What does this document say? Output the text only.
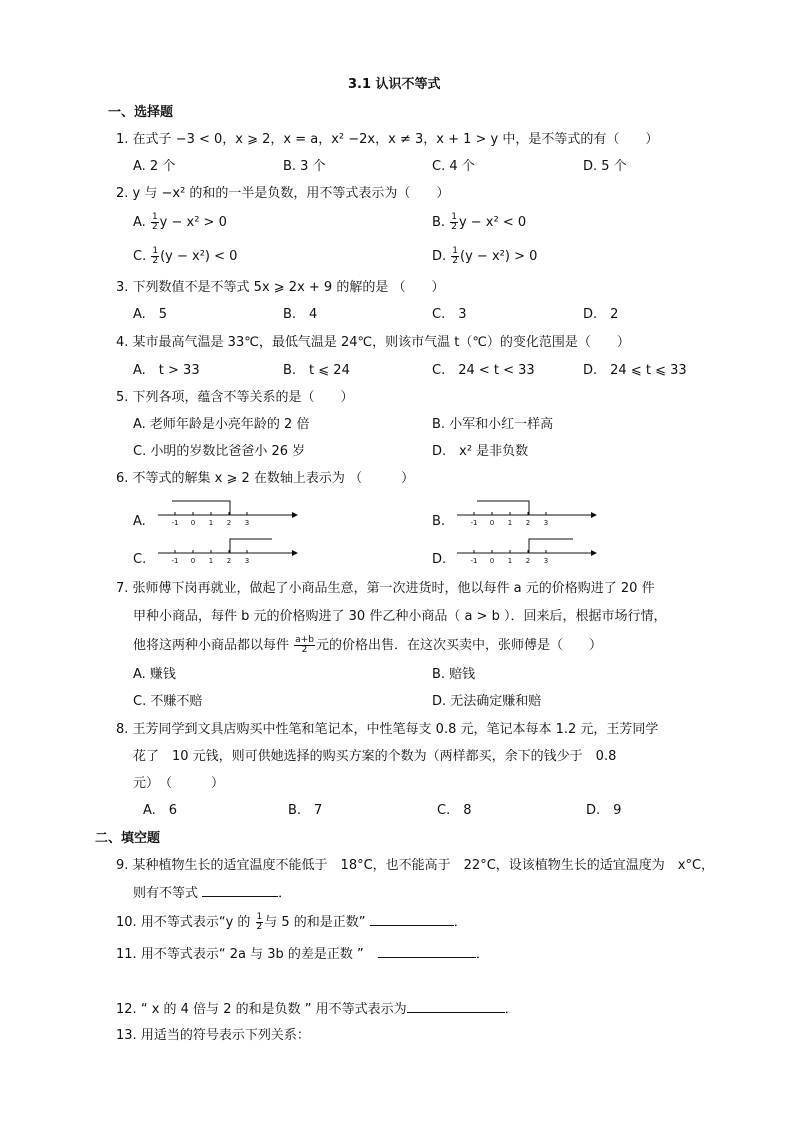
3.1 认识不等式
一、选择题
1. 在式子 −3 < 0，x ⩾ 2，x = a，x² −2x，x ≠ 3，x + 1 > y 中，是不等式的有（　　）
A. 2 个	B. 3 个	C. 4 个	D. 5 个
2. y 与 −x² 的和的一半是负数，用不等式表示为（　　）
A. $\frac{1}{2}$ y − x² > 0	B. $\frac{1}{2}$ y − x² < 0
C. $\frac{1}{2} (y - x^2) < 0$	D. $\frac{1}{2} (y - x^2) > 0$
3. 下列数值不是不等式 5x ⩾ 2x + 9 的解的是 （　　）
A.　5	B.　4	C.　3	D.　2
4. 某市最高气温是 33℃，最低气温是 24℃，则该市气温 t（℃）的变化范围是（　　）
A.　t > 33	B.　t ⩽ 24	C.　24 < t < 33	D.　24 ⩽ t ⩽ 33
5. 下列各项，蕴含不等关系的是（　　）
A. 老师年龄是小亮年龄的 2 倍	B. 小军和小红一样高
C. 小明的岁数比爸爸小 26 岁	D.　x² 是非负数
6. 不等式的解集 x ⩾ 2 在数轴上表示为 （　　　）
A.	-1 0 1 2 3	B.	-1 0 1 2 3
C.	-1 0 1 2 3	D.	-1 0 1 2 3
7. 张师傅下岗再就业，做起了小商品生意，第一次进货时，他以每件 a 元的价格购进了 20 件
甲种小商品，每件 b 元的价格购进了 30 件乙种小商品（ a > b ）．回来后，根据市场行情，
他将这两种小商品都以每件 $\frac{a+b}{2}$ 元的价格出售．在这次买卖中，张师傅是（　　）
A. 赚钱	B. 赔钱
C. 不赚不赔	D. 无法确定赚和赔
8. 王芳同学到文具店购买中性笔和笔记本，中性笔每支 0.8 元，笔记本每本 1.2 元，王芳同学
花了　10 元钱，则可供她选择的购买方案的个数为（两样都买，余下的钱少于　0.8
元）　（　　　）
A.　6	B.　7	C.　8	D.　9
二、填空题
9. 某种植物生长的适宜温度不能低于　18°C，也不能高于　22°C，设该植物生长的适宜温度为　x°C，
则有不等式	．
10. 用不等式表示“y 的 $\frac{1}{2}$ 与 5 的和是正数”	．
11. 用不等式表示“ 2a 与 3b 的差是正数 ”	．
12. “ x 的 4 倍与 2 的和是负数 ” 用不等式表示为	．
13. 用适当的符号表示下列关系：
